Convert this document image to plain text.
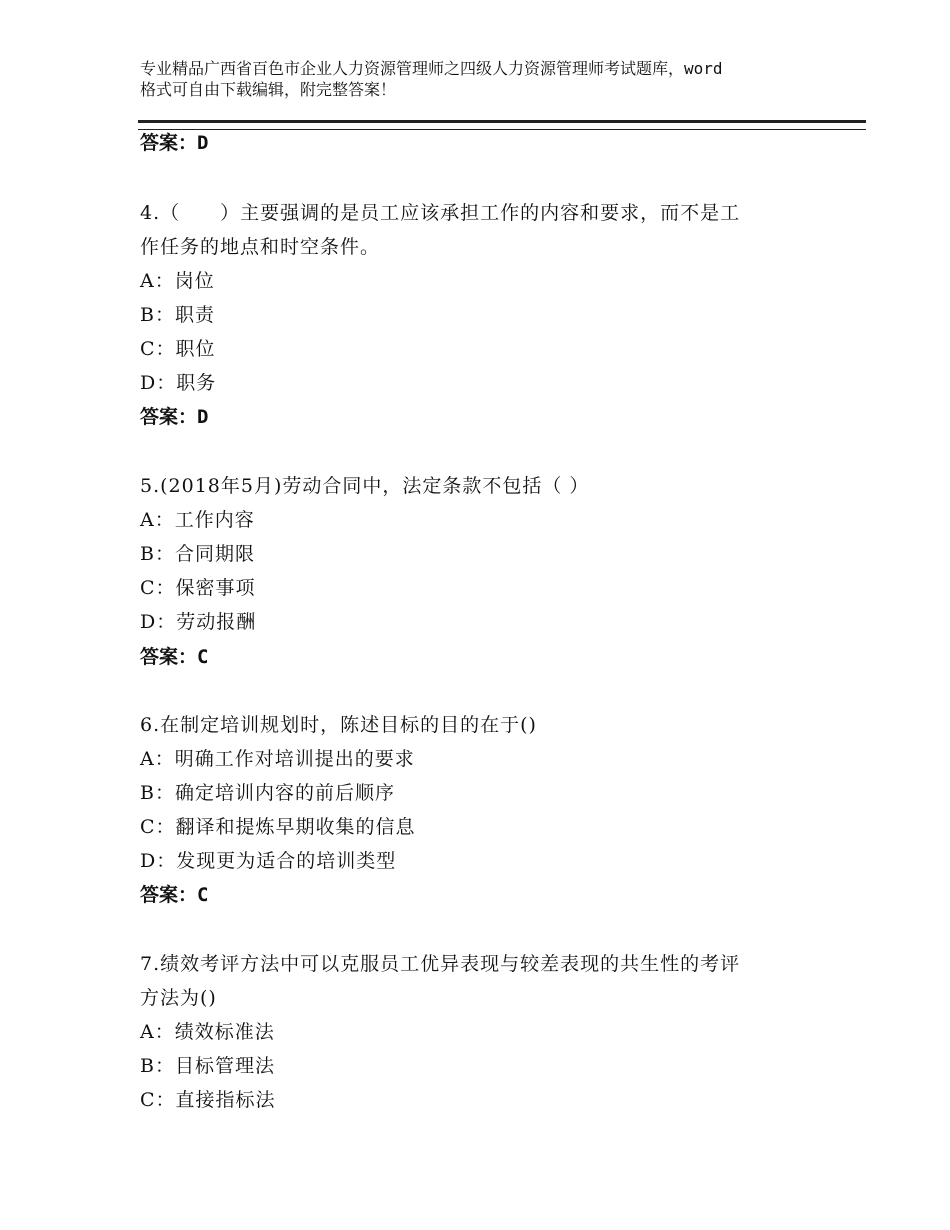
专业精品广西省百色市企业人力资源管理师之四级人力资源管理师考试题库，word
格式可自由下载编辑，附完整答案！
答案：D
4.（　　）主要强调的是员工应该承担工作的内容和要求，而不是工
作任务的地点和时空条件。
A：岗位
B：职责
C：职位
D：职务
答案：D
5.(2018年5月)劳动合同中，法定条款不包括（ ）
A：工作内容
B：合同期限
C：保密事项
D：劳动报酬
答案：C
6.在制定培训规划时，陈述目标的目的在于()
A：明确工作对培训提出的要求
B：确定培训内容的前后顺序
C：翻译和提炼早期收集的信息
D：发现更为适合的培训类型
答案：C
7.绩效考评方法中可以克服员工优异表现与较差表现的共生性的考评
方法为()
A：绩效标准法
B：目标管理法
C：直接指标法
